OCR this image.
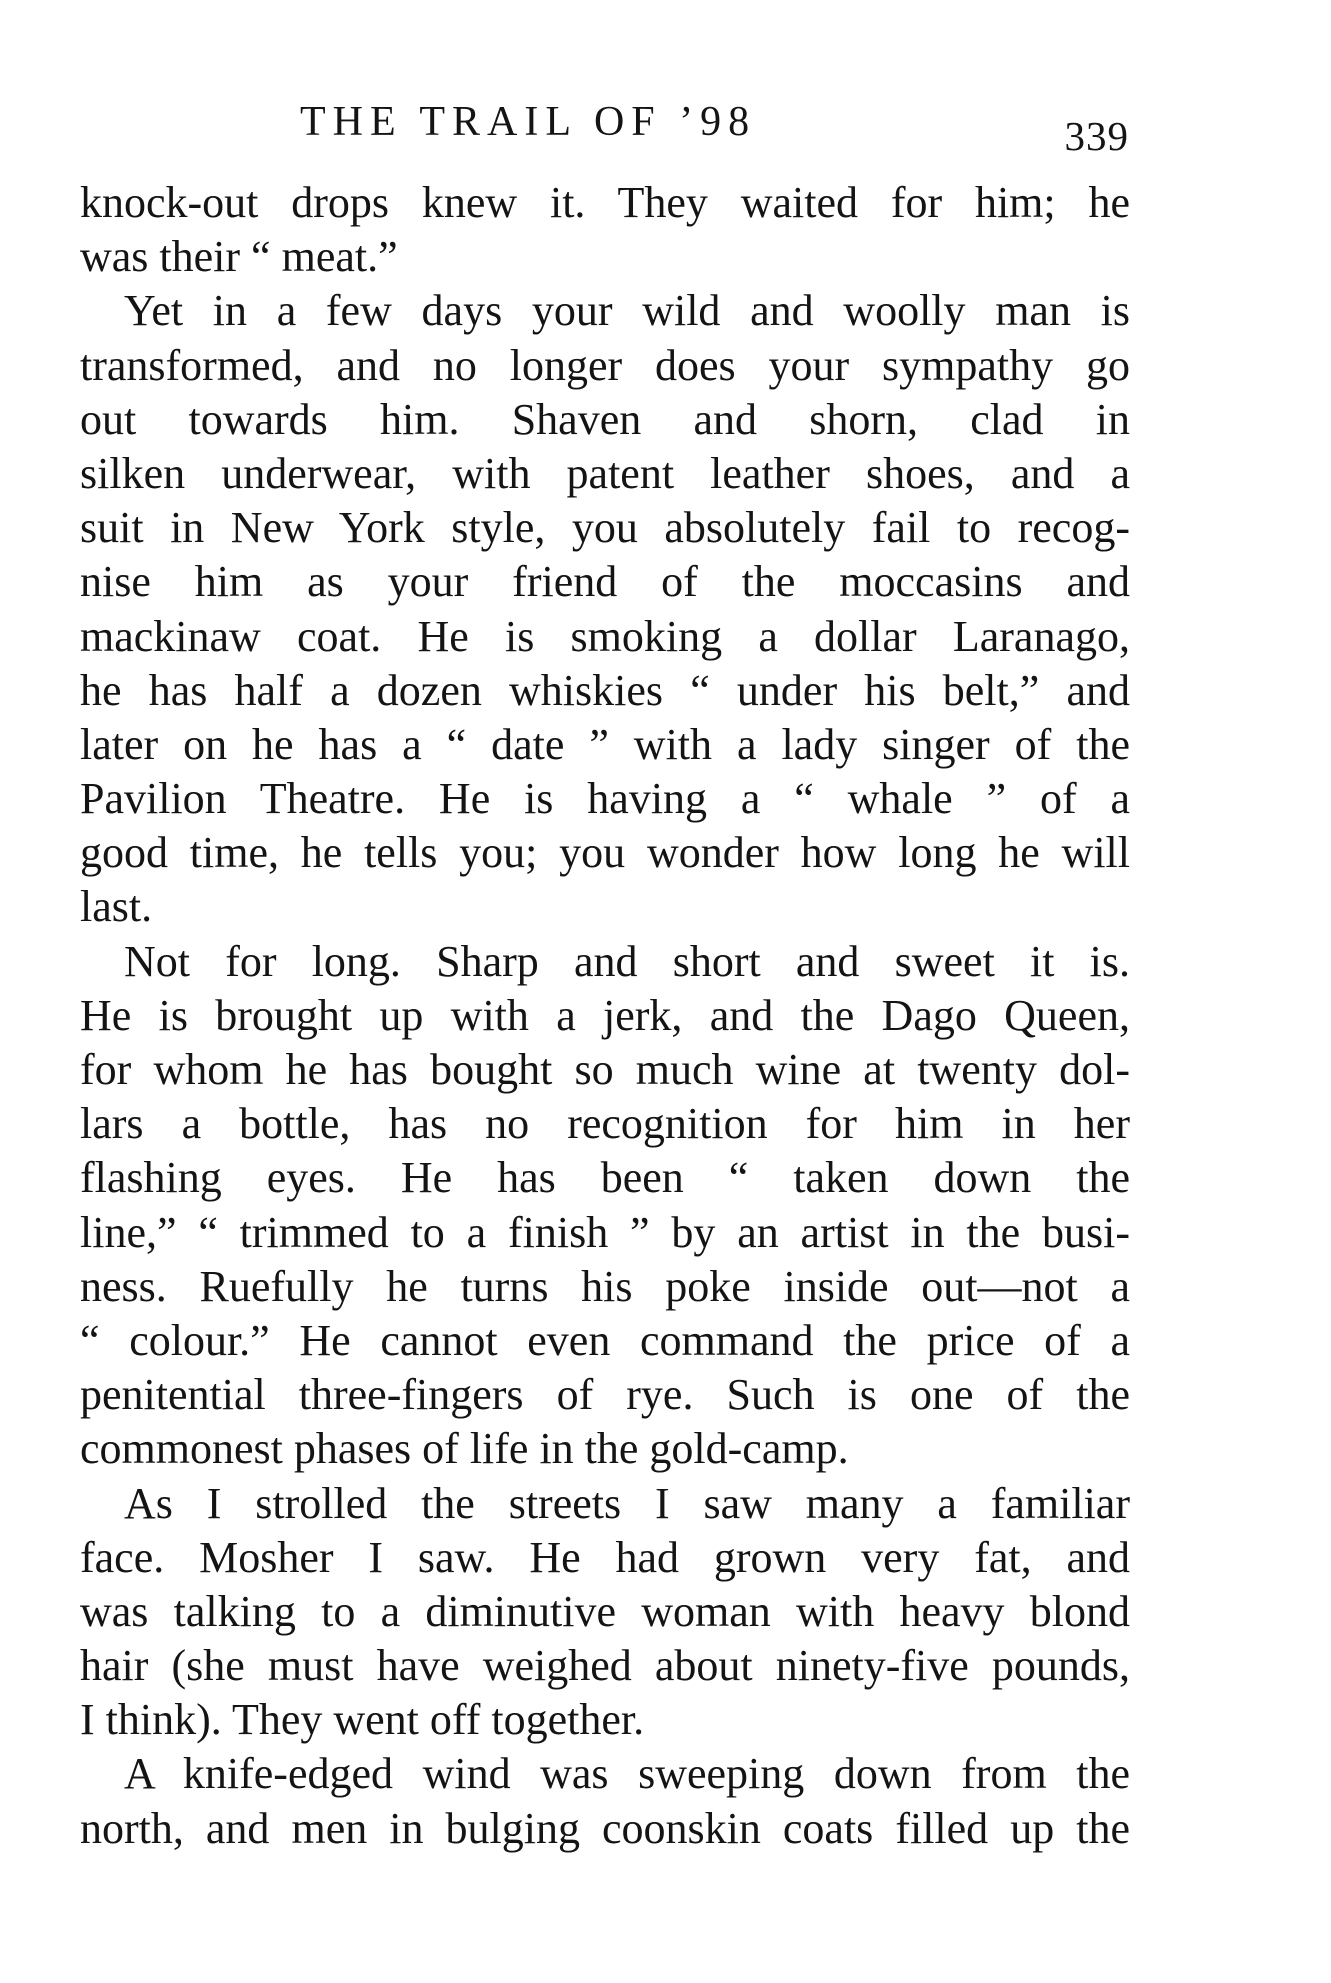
THE TRAIL OF ’98	339
knock-out drops knew it. They waited for him; he
was their “ meat.”
Yet in a few days your wild and woolly man is
transformed, and no longer does your sympathy go
out towards him. Shaven and shorn, clad in
silken underwear, with patent leather shoes, and a
suit in New York style, you absolutely fail to recog-
nise him as your friend of the moccasins and
mackinaw coat. He is smoking a dollar Laranago,
he has half a dozen whiskies “ under his belt,” and
later on he has a “ date ” with a lady singer of the
Pavilion Theatre. He is having a “ whale ” of a
good time, he tells you; you wonder how long he will
last.
Not for long. Sharp and short and sweet it is.
He is brought up with a jerk, and the Dago Queen,
for whom he has bought so much wine at twenty dol-
lars a bottle, has no recognition for him in her
flashing eyes. He has been “ taken down the
line,” “ trimmed to a finish ” by an artist in the busi-
ness. Ruefully he turns his poke inside out—not a
“ colour.” He cannot even command the price of a
penitential three-fingers of rye. Such is one of the
commonest phases of life in the gold-camp.
As I strolled the streets I saw many a familiar
face. Mosher I saw. He had grown very fat, and
was talking to a diminutive woman with heavy blond
hair (she must have weighed about ninety-five pounds,
I think). They went off together.
A knife-edged wind was sweeping down from the
north, and men in bulging coonskin coats filled up the
